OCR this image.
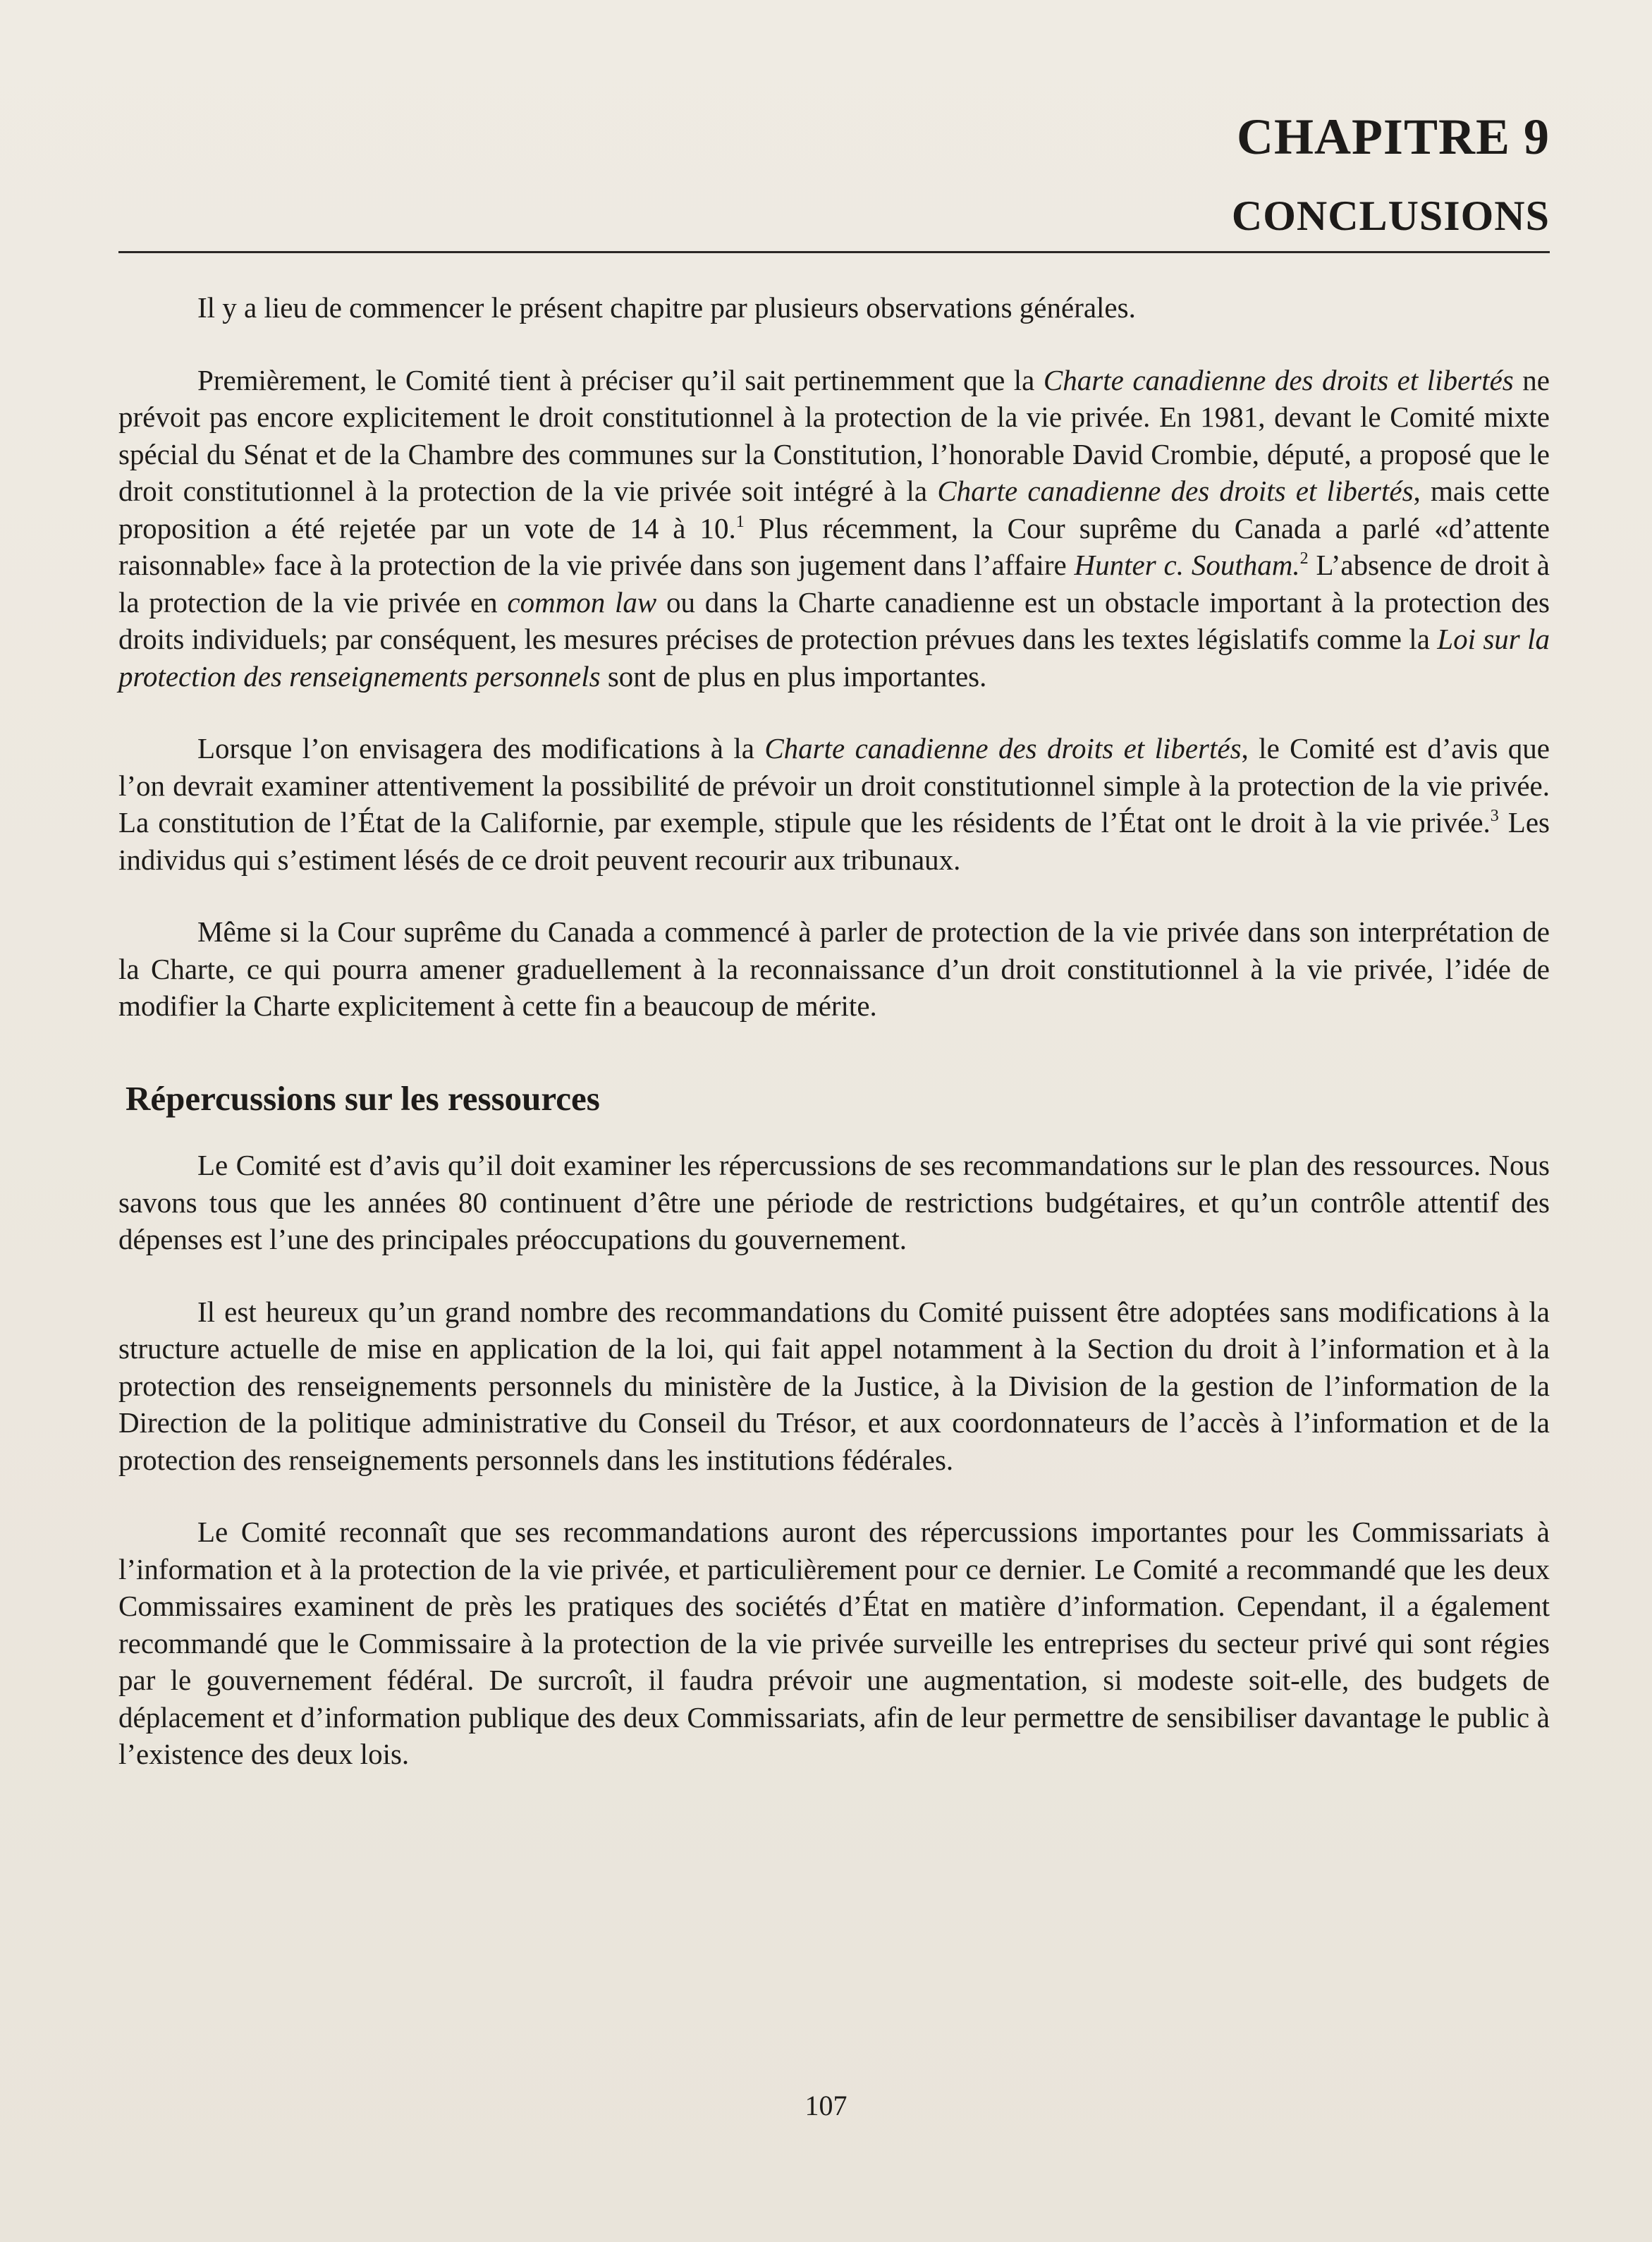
CHAPITRE 9
CONCLUSIONS

Il y a lieu de commencer le présent chapitre par plusieurs observations générales.

Premièrement, le Comité tient à préciser qu’il sait pertinemment que la Charte canadienne des droits et libertés ne prévoit pas encore explicitement le droit constitutionnel à la protection de la vie privée. En 1981, devant le Comité mixte spécial du Sénat et de la Chambre des communes sur la Constitution, l’honorable David Crombie, député, a proposé que le droit constitutionnel à la protection de la vie privée soit intégré à la Charte canadienne des droits et libertés, mais cette proposition a été rejetée par un vote de 14 à 10.$^1$ Plus récemment, la Cour suprême du Canada a parlé «d’attente raisonnable» face à la protection de la vie privée dans son jugement dans l’affaire Hunter c. Southam.$^2$ L’absence de droit à la protection de la vie privée en common law ou dans la Charte canadienne est un obstacle important à la protection des droits individuels; par conséquent, les mesures précises de protection prévues dans les textes législatifs comme la Loi sur la protection des renseignements personnels sont de plus en plus importantes.

Lorsque l’on envisagera des modifications à la Charte canadienne des droits et libertés, le Comité est d’avis que l’on devrait examiner attentivement la possibilité de prévoir un droit constitutionnel simple à la protection de la vie privée. La constitution de l’État de la Californie, par exemple, stipule que les résidents de l’État ont le droit à la vie privée.$^3$ Les individus qui s’estiment lésés de ce droit peuvent recourir aux tribunaux.

Même si la Cour suprême du Canada a commencé à parler de protection de la vie privée dans son interprétation de la Charte, ce qui pourra amener graduellement à la reconnaissance d’un droit constitutionnel à la vie privée, l’idée de modifier la Charte explicitement à cette fin a beaucoup de mérite.

Répercussions sur les ressources

Le Comité est d’avis qu’il doit examiner les répercussions de ses recommandations sur le plan des ressources. Nous savons tous que les années 80 continuent d’être une période de restrictions budgétaires, et qu’un contrôle attentif des dépenses est l’une des principales préoccupations du gouvernement.

Il est heureux qu’un grand nombre des recommandations du Comité puissent être adoptées sans modifications à la structure actuelle de mise en application de la loi, qui fait appel notamment à la Section du droit à l’information et à la protection des renseignements personnels du ministère de la Justice, à la Division de la gestion de l’information de la Direction de la politique administrative du Conseil du Trésor, et aux coordonnateurs de l’accès à l’information et de la protection des renseignements personnels dans les institutions fédérales.

Le Comité reconnaît que ses recommandations auront des répercussions importantes pour les Commissariats à l’information et à la protection de la vie privée, et particulièrement pour ce dernier. Le Comité a recommandé que les deux Commissaires examinent de près les pratiques des sociétés d’État en matière d’information. Cependant, il a également recommandé que le Commissaire à la protection de la vie privée surveille les entreprises du secteur privé qui sont régies par le gouvernement fédéral. De surcroît, il faudra prévoir une augmentation, si modeste soit-elle, des budgets de déplacement et d’information publique des deux Commissariats, afin de leur permettre de sensibiliser davantage le public à l’existence des deux lois.

107
